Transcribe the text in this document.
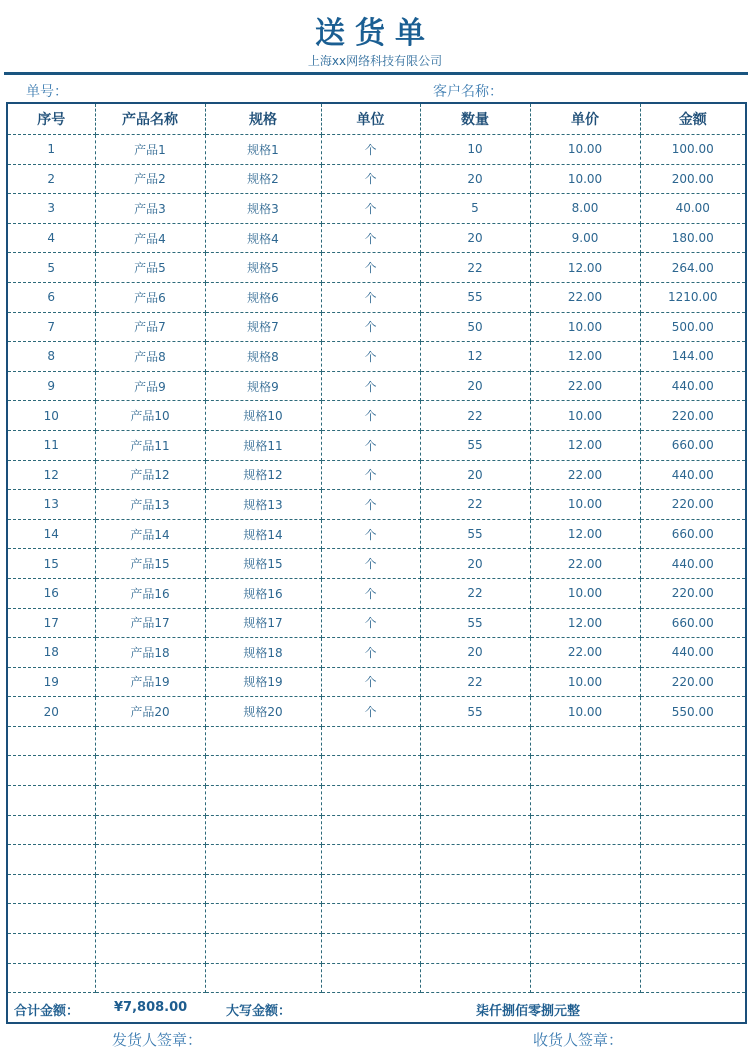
送货单
上海xx网络科技有限公司
单号：	客户名称：
序号	产品名称	规格	单位	数量	单价	金额
1	产品1	规格1	个	10	10.00	100.00
2	产品2	规格2	个	20	10.00	200.00
3	产品3	规格3	个	5	8.00	40.00
4	产品4	规格4	个	20	9.00	180.00
5	产品5	规格5	个	22	12.00	264.00
6	产品6	规格6	个	55	22.00	1210.00
7	产品7	规格7	个	50	10.00	500.00
8	产品8	规格8	个	12	12.00	144.00
9	产品9	规格9	个	20	22.00	440.00
10	产品10	规格10	个	22	10.00	220.00
11	产品11	规格11	个	55	12.00	660.00
12	产品12	规格12	个	20	22.00	440.00
13	产品13	规格13	个	22	10.00	220.00
14	产品14	规格14	个	55	12.00	660.00
15	产品15	规格15	个	20	22.00	440.00
16	产品16	规格16	个	22	10.00	220.00
17	产品17	规格17	个	55	12.00	660.00
18	产品18	规格18	个	20	22.00	440.00
19	产品19	规格19	个	22	10.00	220.00
20	产品20	规格20	个	55	10.00	550.00

合计金额：	¥7,808.00	大写金额：	柒仟捌佰零捌元整
发货人签章：	收货人签章：
